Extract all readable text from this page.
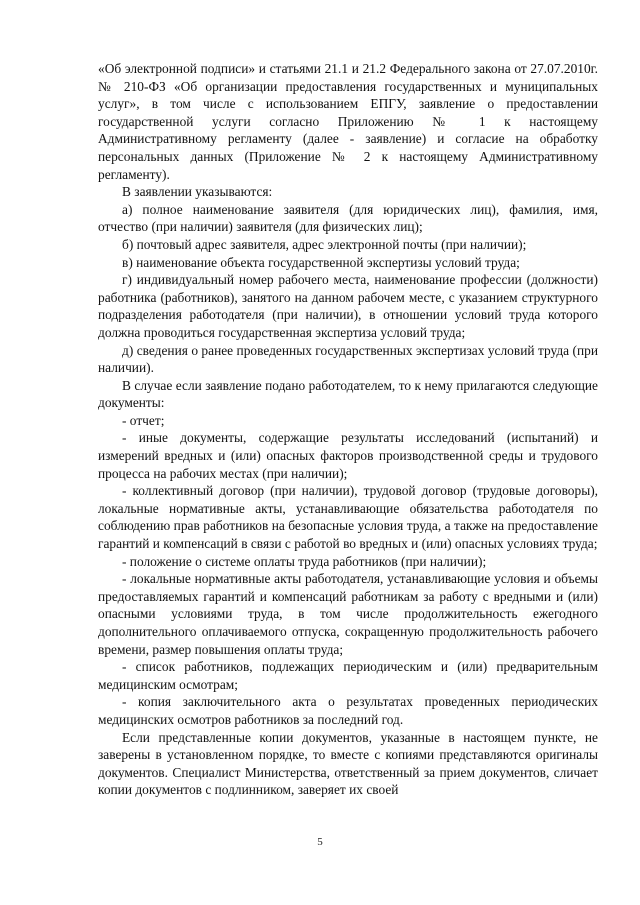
«Об электронной подписи» и статьями 21.1 и 21.2 Федерального закона от 27.07.2010г. № 210-ФЗ «Об организации предоставления государственных и муниципальных услуг», в том числе с использованием ЕПГУ, заявление о предоставлении государственной услуги согласно Приложению № 1 к настоящему Административному регламенту (далее - заявление) и согласие на обработку персональных данных (Приложение № 2 к настоящему Административному регламенту).

В заявлении указываются:

а) полное наименование заявителя (для юридических лиц), фамилия, имя, отчество (при наличии) заявителя (для физических лиц);

б) почтовый адрес заявителя, адрес электронной почты (при наличии);

в) наименование объекта государственной экспертизы условий труда;

г) индивидуальный номер рабочего места, наименование профессии (должности) работника (работников), занятого на данном рабочем месте, с указанием структурного подразделения работодателя (при наличии), в отношении условий труда которого должна проводиться государственная экспертиза условий труда;

д) сведения о ранее проведенных государственных экспертизах условий труда (при наличии).

В случае если заявление подано работодателем, то к нему прилагаются следующие документы:

- отчет;

- иные документы, содержащие результаты исследований (испытаний) и измерений вредных и (или) опасных факторов производственной среды и трудового процесса на рабочих местах (при наличии);

- коллективный договор (при наличии), трудовой договор (трудовые договоры), локальные нормативные акты, устанавливающие обязательства работодателя по соблюдению прав работников на безопасные условия труда, а также на предоставление гарантий и компенсаций в связи с работой во вредных и (или) опасных условиях труда;

- положение о системе оплаты труда работников (при наличии);

- локальные нормативные акты работодателя, устанавливающие условия и объемы предоставляемых гарантий и компенсаций работникам за работу с вредными и (или) опасными условиями труда, в том числе продолжительность ежегодного дополнительного оплачиваемого отпуска, сокращенную продолжительность рабочего времени, размер повышения оплаты труда;

- список работников, подлежащих периодическим и (или) предварительным медицинским осмотрам;

- копия заключительного акта о результатах проведенных периодических медицинских осмотров работников за последний год.

Если представленные копии документов, указанные в настоящем пункте, не заверены в установленном порядке, то вместе с копиями представляются оригиналы документов. Специалист Министерства, ответственный за прием документов, сличает копии документов с подлинником, заверяет их своей

5
